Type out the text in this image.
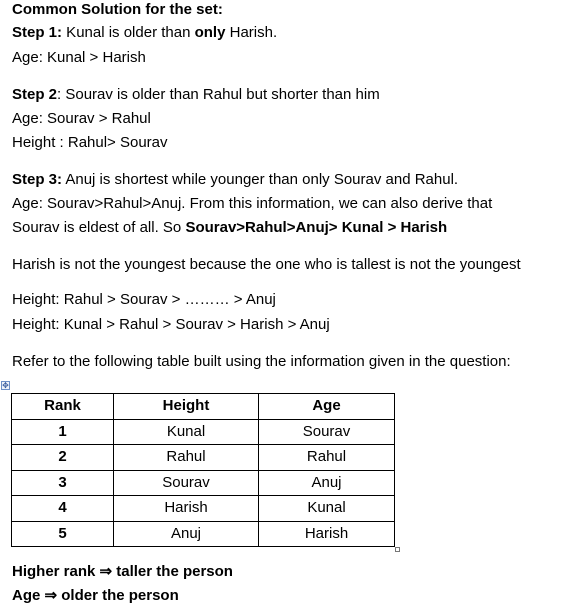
Common Solution for the set:
Step 1: Kunal is older than only Harish.
Age: Kunal > Harish
Step 2: Sourav is older than Rahul but shorter than him
Age: Sourav > Rahul
Height : Rahul> Sourav
Step 3: Anuj is shortest while younger than only Sourav and Rahul.
Age: Sourav>Rahul>Anuj. From this information, we can also derive that
Sourav is eldest of all. So Sourav>Rahul>Anuj> Kunal > Harish
Harish is not the youngest because the one who is tallest is not the youngest
Height: Rahul > Sourav > ……… > Anuj
Height: Kunal > Rahul > Sourav > Harish > Anuj
Refer to the following table built using the information given in the question:
✥
Rank	Height	Age
1	Kunal	Sourav
2	Rahul	Rahul
3	Sourav	Anuj
4	Harish	Kunal
5	Anuj	Harish
Higher rank ⇒ taller the person
Age ⇒ older the person
